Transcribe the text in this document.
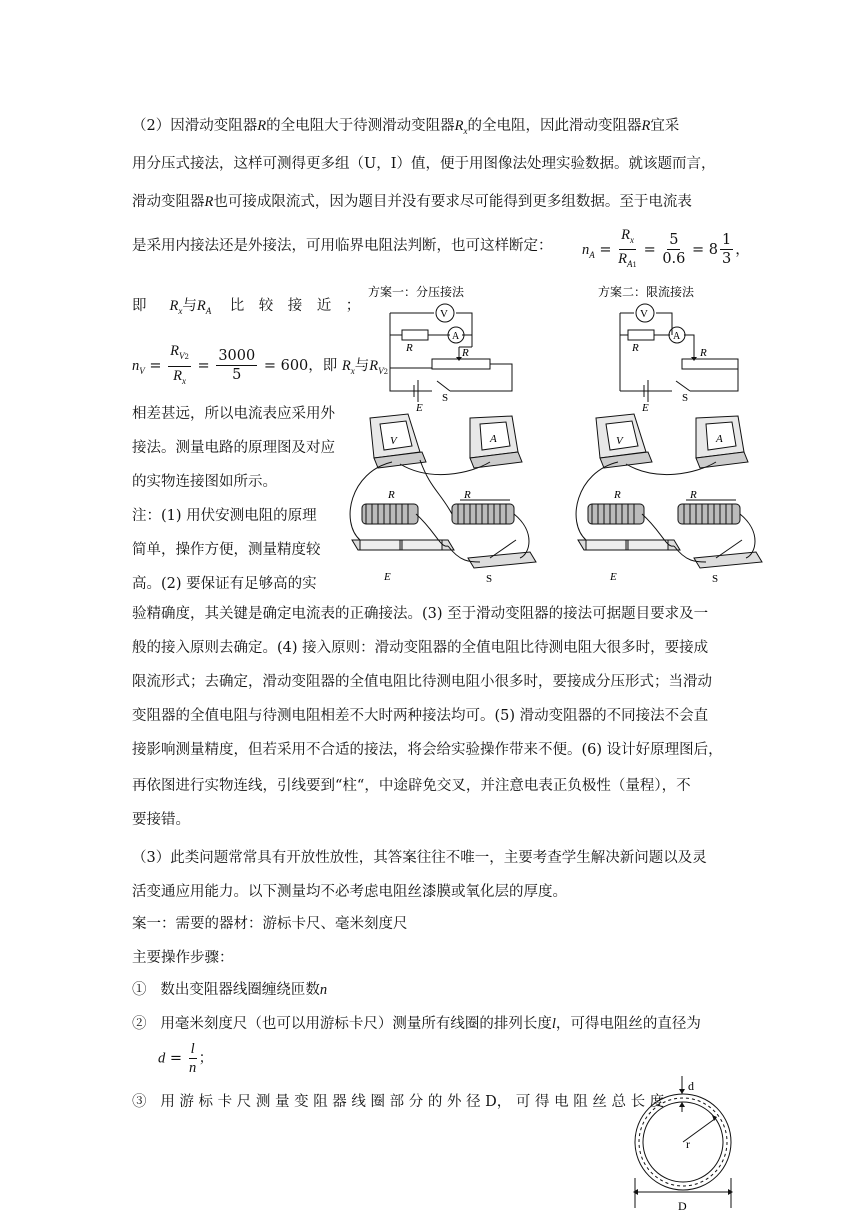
（2）因滑动变阻器R的全电阻大于待测滑动变阻器$R_x$的全电阻，因此滑动变阻器R宜采
用分压式接法，这样可测得更多组（U，I）值，便于用图像法处理实验数据。就该题而言，
滑动变阻器R也可接成限流式，因为题目并没有要求尽可能得到更多组数据。至于电流表
是采用内接法还是外接法，可用临界电阻法判断，也可这样断定： $n_A = \frac{R_x}{R_{A1}} = \frac{5}{0.6} = 8 \frac{1}{3}$ ，
即 $R_x$与$R_A$ 比　较　接　近　；
$n_V = \frac{R_{V2}}{R_x} = \frac{3000}{5} = 600$，即 $R_x$与$R_{V2}$
相差甚远，所以电流表应采用外
接法。测量电路的原理图及对应
的实物连接图如所示。
注：(1) 用伏安测电阻的原理
简单，操作方便，测量精度较
高。(2) 要保证有足够高的实
验精确度，其关键是确定电流表的正确接法。(3) 至于滑动变阻器的接法可据题目要求及一
般的接入原则去确定。(4) 接入原则：滑动变阻器的全值电阻比待测电阻大很多时，要接成
限流形式；去确定，滑动变阻器的全值电阻比待测电阻小很多时，要接成分压形式；当滑动
变阻器的全值电阻与待测电阻相差不大时两种接法均可。(5) 滑动变阻器的不同接法不会直
接影响测量精度，但若采用不合适的接法，将会给实验操作带来不便。(6) 设计好原理图后，
再依图进行实物连线，引线要到“柱“，中途辟免交叉，并注意电表正负极性（量程），不
要接错。
（3）此类问题常常具有开放性放性，其答案往往不唯一，主要考查学生解决新问题以及灵
活变通应用能力。以下测量均不必考虑电阻丝漆膜或氧化层的厚度。
案一：需要的器材：游标卡尺、毫米刻度尺
主要操作步骤：
① 数出变阻器线圈缠绕匝数n
② 用毫米刻度尺（也可以用游标卡尺）测量所有线圈的排列长度l，可得电阻丝的直径为
$d = \frac{l}{n}$ ；
③ 用 游 标 卡 尺 测 量 变 阻 器 线 圈 部 分 的 外 径 D， 可 得 电 阻 丝 总 长 度
方案一：分压接法
V
A
R	R
E
S
方案二：限流接法
V
A
R	R
E
S
V	A
R	R
E	S
V	A
R	R
E	S
d
r
D
